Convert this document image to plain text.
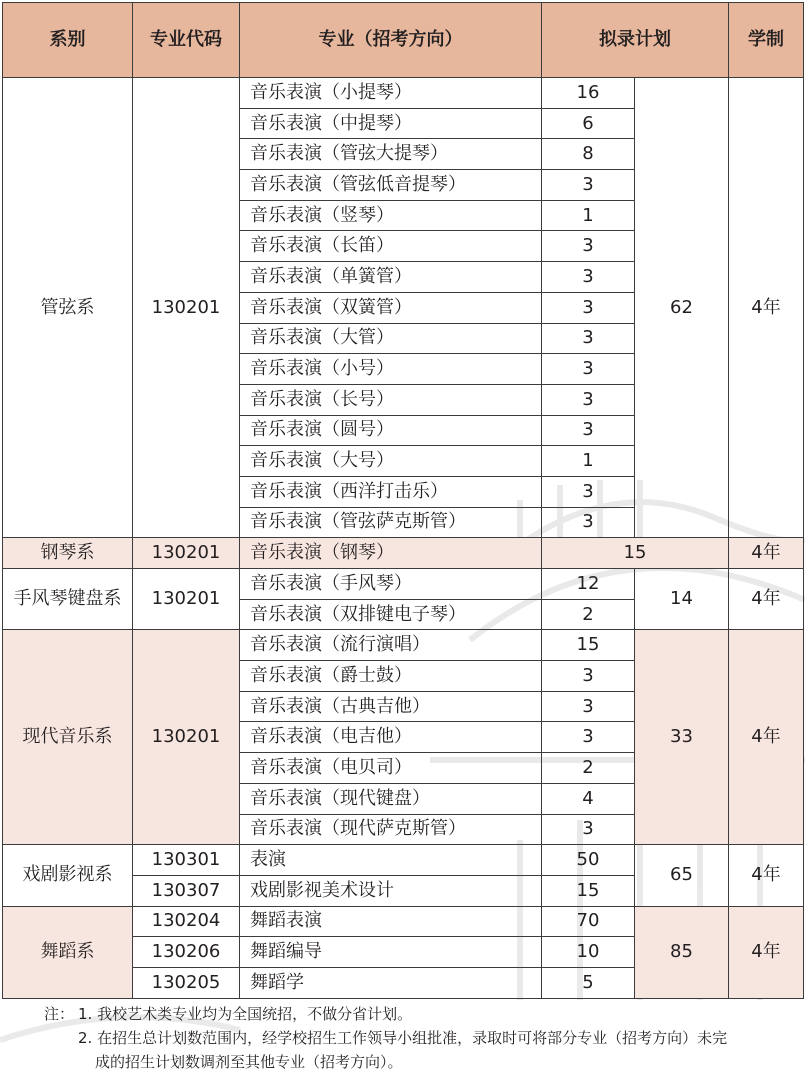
系别	专业代码	专业（招考方向）	拟录计划		学制
管弦系	130201	音乐表演（小提琴）	16	62	4年
		音乐表演（中提琴）	6		
		音乐表演（管弦大提琴）	8		
		音乐表演（管弦低音提琴）	3		
		音乐表演（竖琴）	1		
		音乐表演（长笛）	3		
		音乐表演（单簧管）	3		
		音乐表演（双簧管）	3		
		音乐表演（大管）	3		
		音乐表演（小号）	3		
		音乐表演（长号）	3		
		音乐表演（圆号）	3		
		音乐表演（大号）	1		
		音乐表演（西洋打击乐）	3		
		音乐表演（管弦萨克斯管）	3		
钢琴系	130201	音乐表演（钢琴）	15		4年
手风琴键盘系	130201	音乐表演（手风琴）	12	14	4年
		音乐表演（双排键电子琴）	2		
现代音乐系	130201	音乐表演（流行演唱）	15	33	4年
		音乐表演（爵士鼓）	3		
		音乐表演（古典吉他）	3		
		音乐表演（电吉他）	3		
		音乐表演（电贝司）	2		
		音乐表演（现代键盘）	4		
		音乐表演（现代萨克斯管）	3		
戏剧影视系	130301	表演	50	65	4年
	130307	戏剧影视美术设计	15		
舞蹈系	130204	舞蹈表演	70	85	4年
	130206	舞蹈编导	10		
	130205	舞蹈学	5		
注： 1. 我校艺术类专业均为全国统招，不做分省计划。
2. 在招生总计划数范围内，经学校招生工作领导小组批准，录取时可将部分专业（招考方向）未完
成的招生计划数调剂至其他专业（招考方向）。
